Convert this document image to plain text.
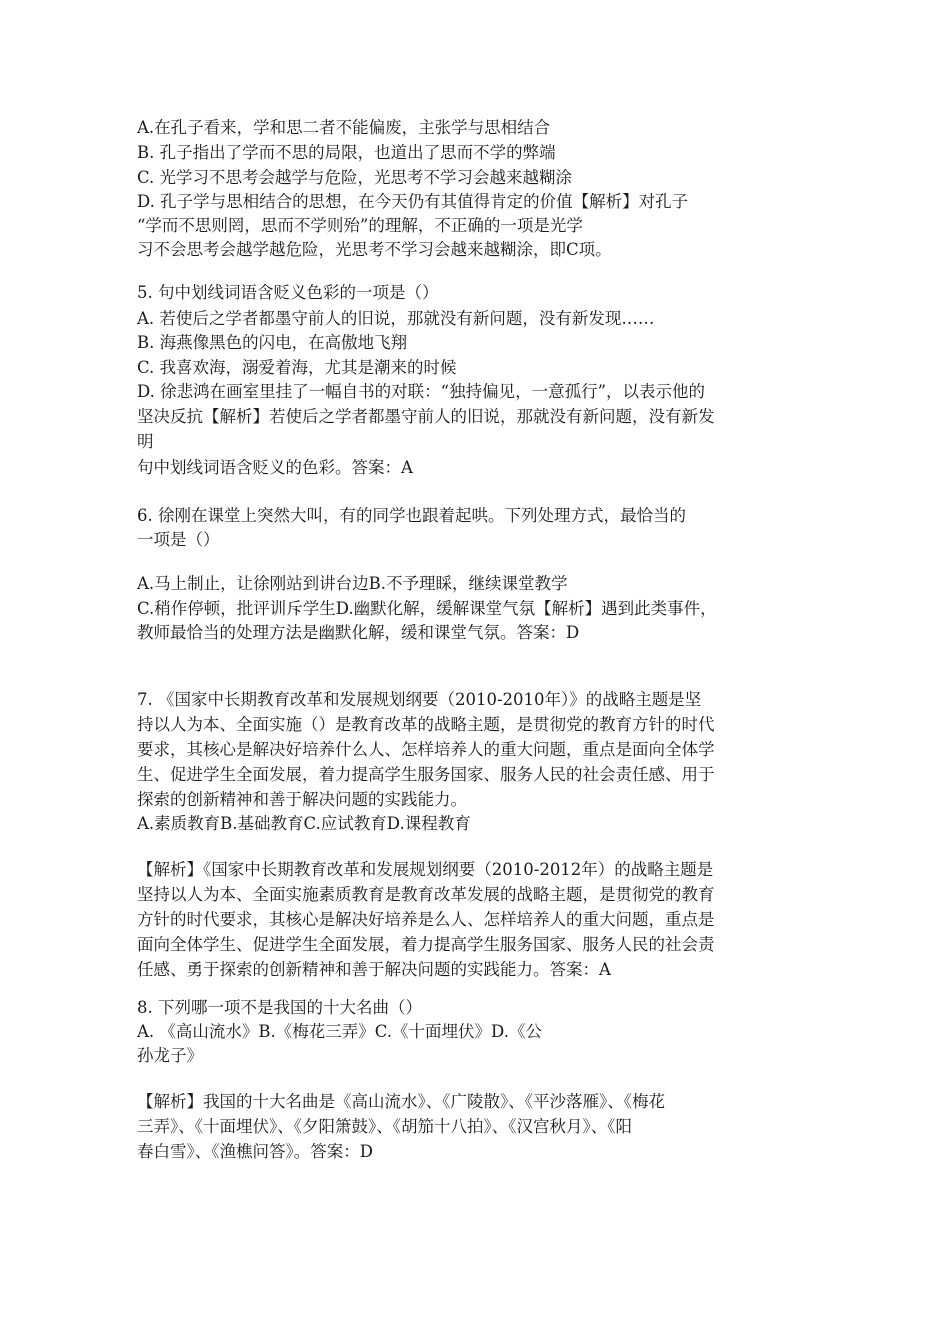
A.在孔子看来，学和思二者不能偏废，主张学与思相结合
B. 孔子指出了学而不思的局限，也道出了思而不学的弊端
C. 光学习不思考会越学与危险，光思考不学习会越来越糊涂
D. 孔子学与思相结合的思想，在今天仍有其值得肯定的价值【解析】对孔子
“学而不思则罔，思而不学则殆”的理解，不正确的一项是光学
习不会思考会越学越危险，光思考不学习会越来越糊涂，即C项。
5. 句中划线词语含贬义色彩的一项是（）
A. 若使后之学者都墨守前人的旧说，那就没有新问题，没有新发现……
B. 海燕像黑色的闪电，在高傲地飞翔
C. 我喜欢海，溺爱着海，尤其是潮来的时候
D. 徐悲鸿在画室里挂了一幅自书的对联：“独持偏见，一意孤行”，以表示他的
坚决反抗【解析】若使后之学者都墨守前人的旧说，那就没有新问题，没有新发
明
句中划线词语含贬义的色彩。答案：A
6. 徐刚在课堂上突然大叫，有的同学也跟着起哄。下列处理方式，最恰当的
一项是（）
A.马上制止，让徐刚站到讲台边B.不予理睬，继续课堂教学
C.稍作停顿，批评训斥学生D.幽默化解，缓解课堂气氛【解析】遇到此类事件，
教师最恰当的处理方法是幽默化解，缓和课堂气氛。答案：D
7. 《国家中长期教育改革和发展规划纲要（2010-2010年）》的战略主题是坚
持以人为本、全面实施（）是教育改革的战略主题，是贯彻党的教育方针的时代
要求，其核心是解决好培养什么人、怎样培养人的重大问题，重点是面向全体学
生、促进学生全面发展，着力提高学生服务国家、服务人民的社会责任感、用于
探索的创新精神和善于解决问题的实践能力。
A.素质教育B.基础教育C.应试教育D.课程教育
【解析】《国家中长期教育改革和发展规划纲要（2010-2012年）的战略主题是
坚持以人为本、全面实施素质教育是教育改革发展的战略主题，是贯彻党的教育
方针的时代要求，其核心是解决好培养是么人、怎样培养人的重大问题，重点是
面向全体学生、促进学生全面发展，着力提高学生服务国家、服务人民的社会责
任感、勇于探索的创新精神和善于解决问题的实践能力。答案：A
8. 下列哪一项不是我国的十大名曲（）
A. 《高山流水》B.《梅花三弄》C.《十面埋伏》D.《公
孙龙子》
【解析】我国的十大名曲是《高山流水》、《广陵散》、《平沙落雁》、《梅花
三弄》、《十面埋伏》、《夕阳箫鼓》、《胡笳十八拍》、《汉宫秋月》、《阳
春白雪》、《渔樵问答》。答案：D
